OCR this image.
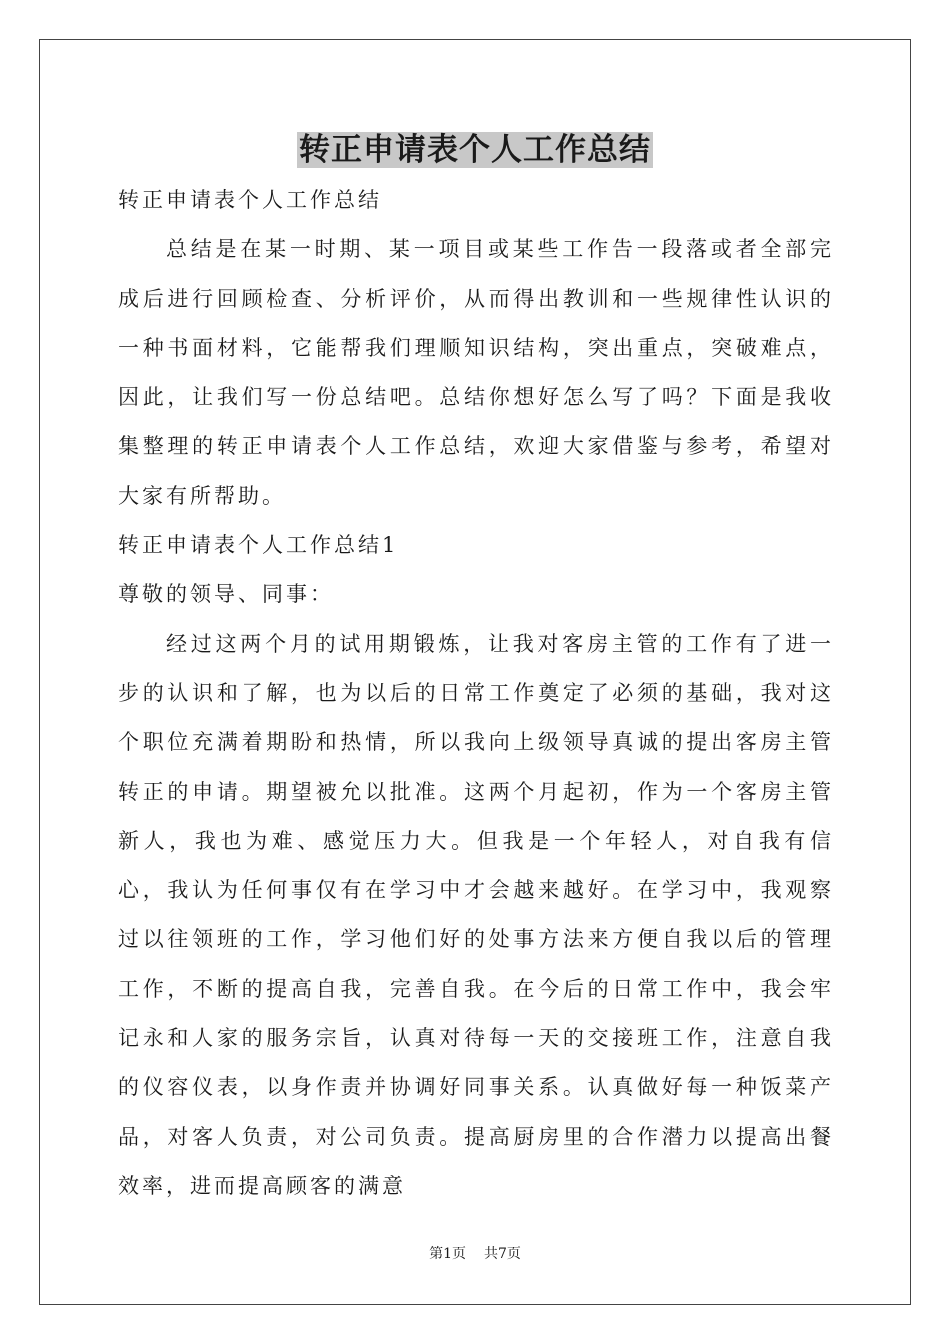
转正申请表个人工作总结

转正申请表个人工作总结

总结是在某一时期、某一项目或某些工作告一段落或者全部完成后进行回顾检查、分析评价，从而得出教训和一些规律性认识的一种书面材料，它能帮我们理顺知识结构，突出重点，突破难点，因此，让我们写一份总结吧。总结你想好怎么写了吗？下面是我收集整理的转正申请表个人工作总结，欢迎大家借鉴与参考，希望对大家有所帮助。

转正申请表个人工作总结1

尊敬的领导、同事：

经过这两个月的试用期锻炼，让我对客房主管的工作有了进一步的认识和了解，也为以后的日常工作奠定了必须的基础，我对这个职位充满着期盼和热情，所以我向上级领导真诚的提出客房主管转正的申请。期望被允以批准。这两个月起初，作为一个客房主管新人，我也为难、感觉压力大。但我是一个年轻人，对自我有信心，我认为任何事仅有在学习中才会越来越好。在学习中，我观察过以往领班的工作，学习他们好的处事方法来方便自我以后的管理工作，不断的提高自我，完善自我。在今后的日常工作中，我会牢记永和人家的服务宗旨，认真对待每一天的交接班工作，注意自我的仪容仪表，以身作责并协调好同事关系。认真做好每一种饭菜产品，对客人负责，对公司负责。提高厨房里的合作潜力以提高出餐效率，进而提高顾客的满意

第1页 共7页
